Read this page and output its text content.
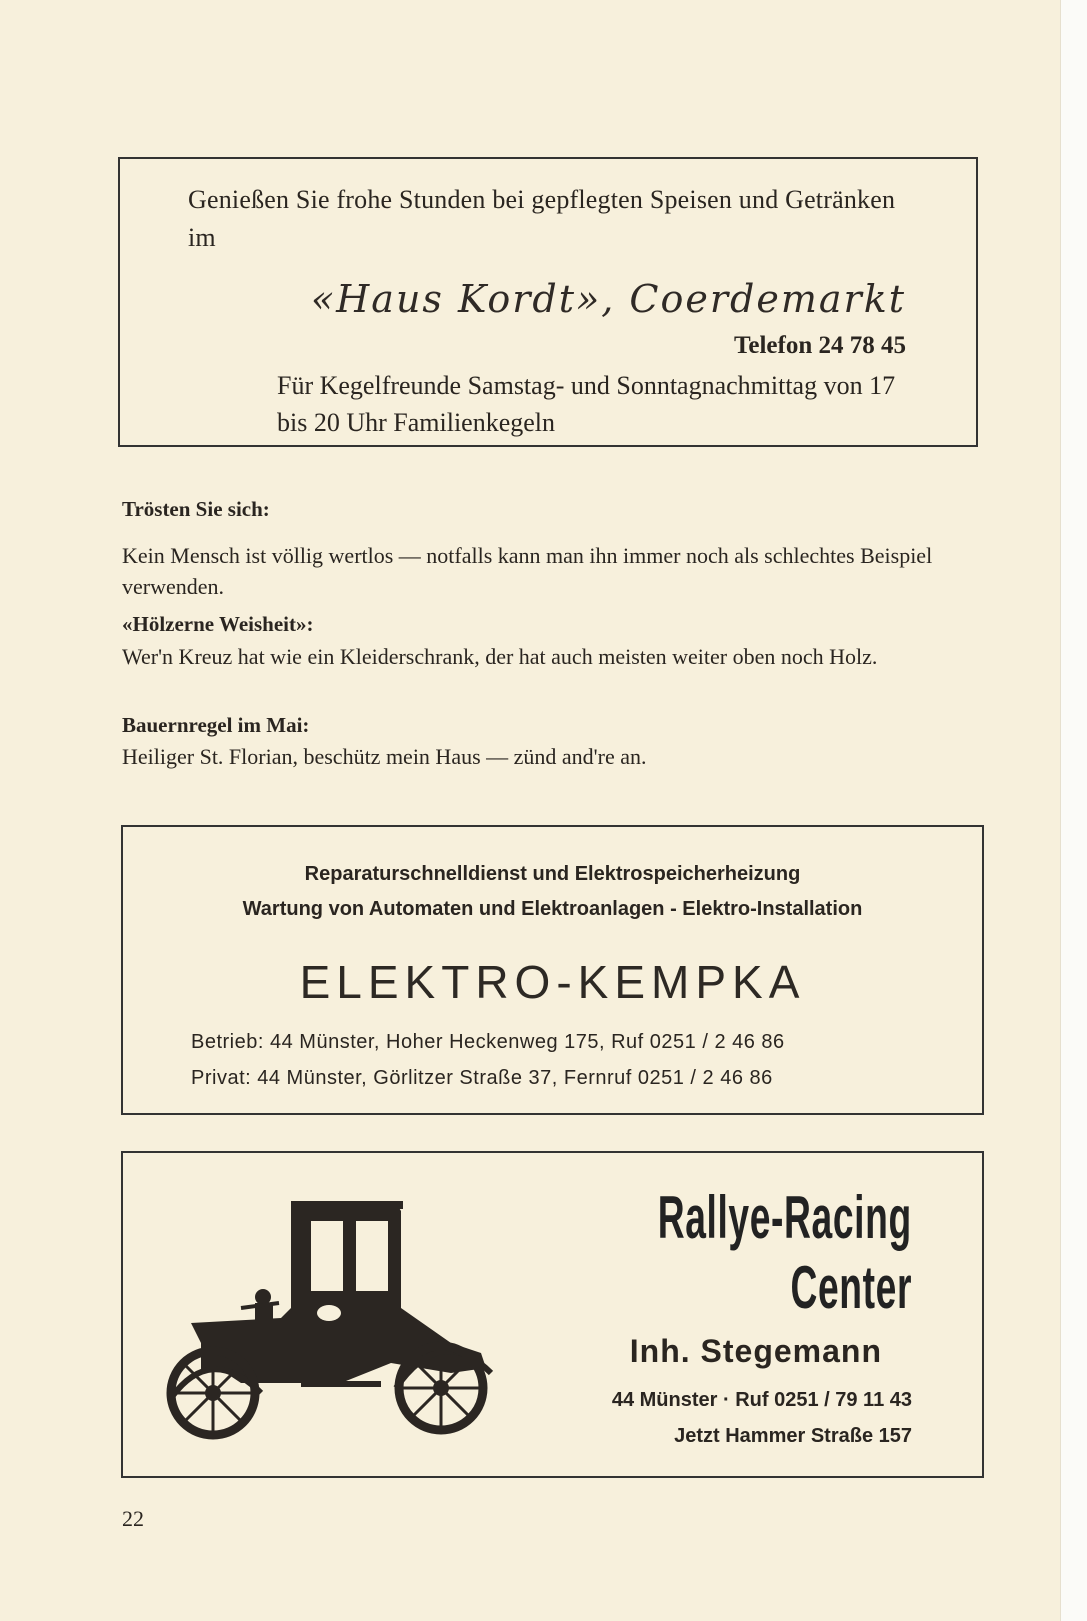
Genießen Sie frohe Stunden bei gepflegten Speisen und Getränken im
«Haus Kordt», Coerdemarkt
Telefon 24 78 45
Für Kegelfreunde Samstag- und Sonntagnachmittag von 17 bis 20 Uhr Familienkegeln
Trösten Sie sich:
Kein Mensch ist völlig wertlos — notfalls kann man ihn immer noch als schlechtes Beispiel verwenden.
«Hölzerne Weisheit»:
Wer'n Kreuz hat wie ein Kleiderschrank, der hat auch meisten weiter oben noch Holz.
Bauernregel im Mai:
Heiliger St. Florian, beschütz mein Haus — zünd and're an.
Reparaturschnelldienst und Elektrospeicherheizung
Wartung von Automaten und Elektroanlagen - Elektro-Installation
ELEKTRO-KEMPKA
Betrieb: 44 Münster, Hoher Heckenweg 175, Ruf 0251 / 2 46 86
Privat: 44 Münster, Görlitzer Straße 37, Fernruf 0251 / 2 46 86
Rallye-Racing
Center
Inh. Stegemann
44 Münster · Ruf 0251 / 79 11 43
Jetzt Hammer Straße 157
22
